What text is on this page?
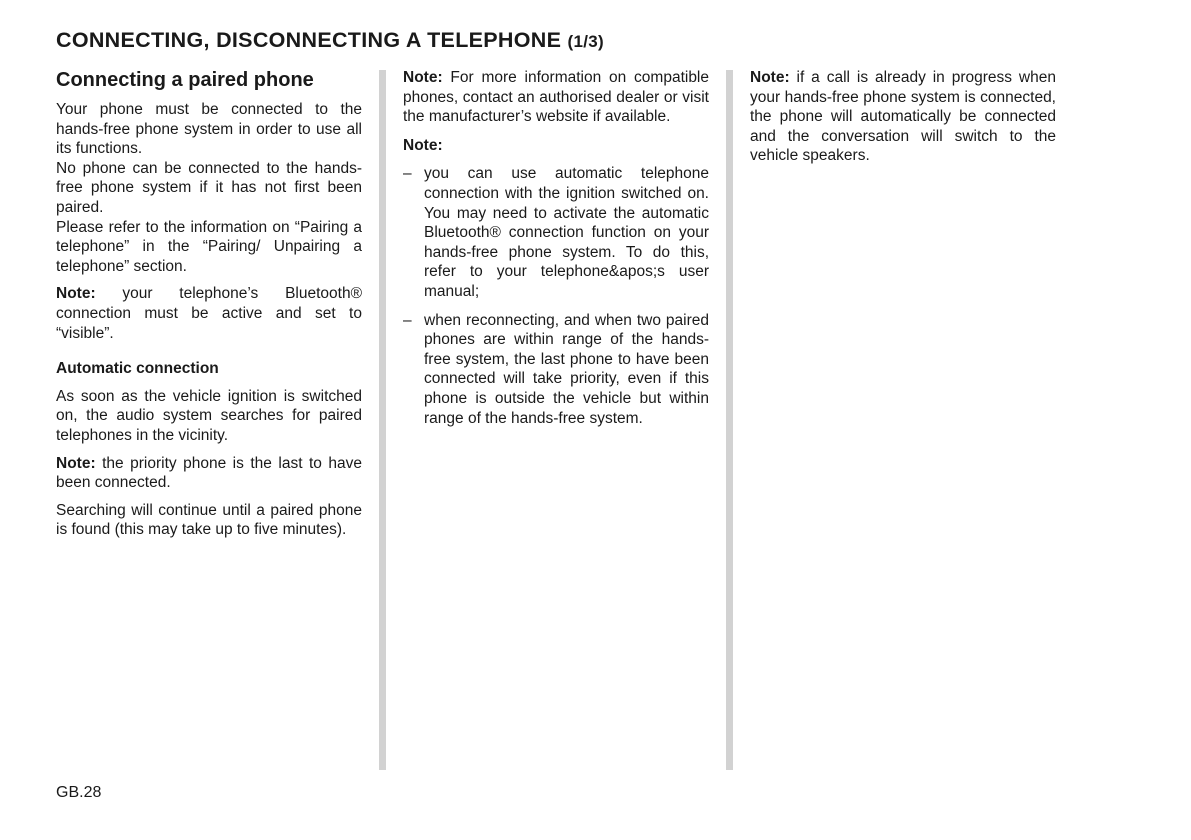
CONNECTING, DISCONNECTING A TELEPHONE (1/3)
Connecting a paired phone

Your phone must be connected to the hands-free phone system in order to use all its functions.

No phone can be connected to the hands-free phone system if it has not first been paired.

Please refer to the information on “Pairing a telephone” in the “Pairing/ Unpairing a telephone” section.

Note: your telephone’s Bluetooth® connection must be active and set to “visible”.

Automatic connection

As soon as the vehicle ignition is switched on, the audio system searches for paired telephones in the vicinity.

Note: the priority phone is the last to have been connected.

Searching will continue until a paired phone is found (this may take up to five minutes).

Note: For more information on compatible phones, contact an authorised dealer or visit the manufacturer’s website if available.

Note:
– you can use automatic telephone connection with the ignition switched on. You may need to activate the automatic Bluetooth® connection function on your hands-free phone system. To do this, refer to your telephone&apos;s user manual;
– when reconnecting, and when two paired phones are within range of the hands-free system, the last phone to have been connected will take priority, even if this phone is outside the vehicle but within range of the hands-free system.

Note: if a call is already in progress when your hands-free phone system is connected, the phone will automatically be connected and the conversation will switch to the vehicle speakers.

GB.28
